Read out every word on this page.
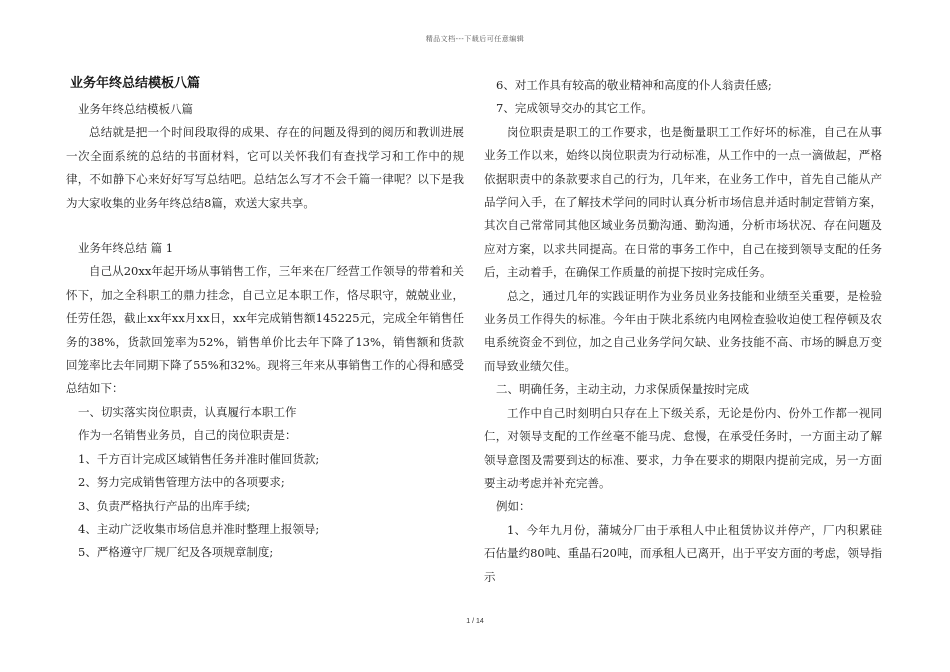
精品文档---下载后可任意编辑
业务年终总结模板八篇

业务年终总结模板八篇

总结就是把一个时间段取得的成果、存在的问题及得到的阅历和教训进展一次全面系统的总结的书面材料，它可以关怀我们有查找学习和工作中的规律，不如静下心来好好写写总结吧。总结怎么写才不会千篇一律呢？以下是我为大家收集的业务年终总结8篇，欢送大家共享。

业务年终总结 篇 1

自己从20xx年起开场从事销售工作，三年来在厂经营工作领导的带着和关怀下，加之全科职工的鼎力挂念，自己立足本职工作，恪尽职守，兢兢业业，任劳任怨，截止xx年xx月xx日，xx年完成销售额145225元，完成全年销售任务的38%，货款回笼率为52%，销售单价比去年下降了13%，销售额和货款回笼率比去年同期下降了55%和32%。现将三年来从事销售工作的心得和感受总结如下：

一、切实落实岗位职责，认真履行本职工作

作为一名销售业务员，自己的岗位职责是：

1、千方百计完成区域销售任务并准时催回货款;

2、努力完成销售管理方法中的各项要求;

3、负责严格执行产品的出库手续;

4、主动广泛收集市场信息并准时整理上报领导;

5、严格遵守厂规厂纪及各项规章制度;

6、对工作具有较高的敬业精神和高度的仆人翁责任感;

7、完成领导交办的其它工作。

岗位职责是职工的工作要求，也是衡量职工工作好坏的标准，自己在从事业务工作以来，始终以岗位职责为行动标准，从工作中的一点一滴做起，严格依据职责中的条款要求自己的行为，几年来，在业务工作中，首先自己能从产品学问入手，在了解技术学问的同时认真分析市场信息并适时制定营销方案，其次自己常常同其他区域业务员勤沟通、勤沟通，分析市场状况、存在问题及应对方案，以求共同提高。在日常的事务工作中，自己在接到领导支配的任务后，主动着手，在确保工作质量的前提下按时完成任务。

总之，通过几年的实践证明作为业务员业务技能和业绩至关重要，是检验业务员工作得失的标准。今年由于陕北系统内电网检查验收迫使工程停顿及农电系统资金不到位，加之自己业务学问欠缺、业务技能不高、市场的瞬息万变而导致业绩欠佳。

二、明确任务，主动主动，力求保质保量按时完成

工作中自己时刻明白只存在上下级关系，无论是份内、份外工作都一视同仁，对领导支配的工作丝毫不能马虎、怠慢，在承受任务时，一方面主动了解领导意图及需要到达的标准、要求，力争在要求的期限内提前完成，另一方面要主动考虑并补充完善。

例如：

1、今年九月份，蒲城分厂由于承租人中止租赁协议并停产，厂内积累硅石估量约80吨、重晶石20吨，而承租人已离开，出于平安方面的考虑，领导指示

1 / 14
